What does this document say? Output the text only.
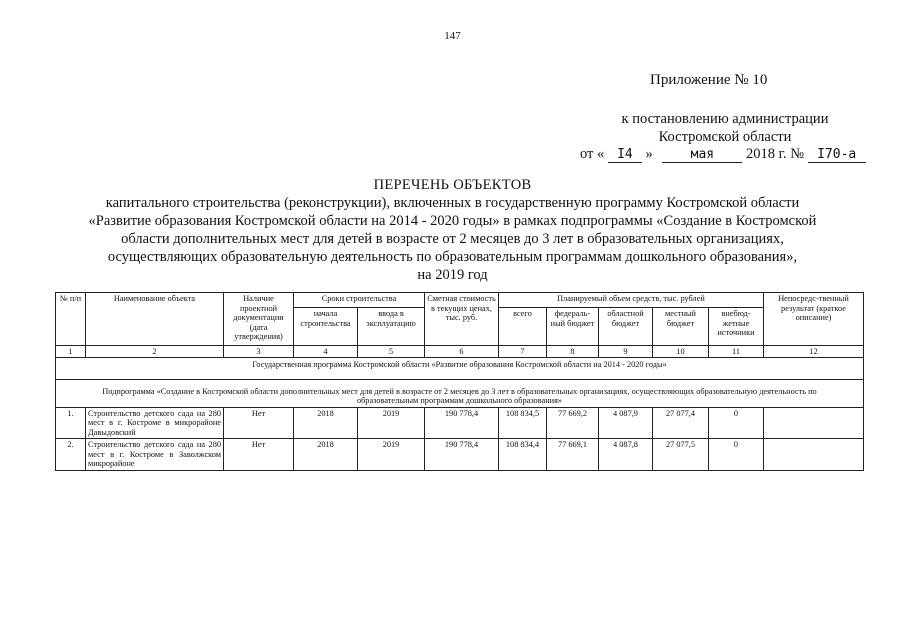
147
Приложение № 10
к постановлению администрации
Костромской области
от « I4 »	мая 2018 г. № I70-а
ПЕРЕЧЕНЬ ОБЪЕКТОВ
капитального строительства (реконструкции), включенных в государственную программу Костромской области
«Развитие образования Костромской области на 2014 - 2020 годы» в рамках подпрограммы «Создание в Костромской
области дополнительных мест для детей в возрасте от 2 месяцев до 3 лет в образовательных организациях,
осуществляющих образовательную деятельность по образовательным программам дошкольного образования»,
на 2019 год
№ п/п	Наименование объекта	Наличие проектной документации (дата утверждения)	Сроки строительства		Сметная стоимость в текущих ценах, тыс. руб.	Планируемый объем средств, тыс. рублей					Непосредс-твенный результат (краткое описание)
			начала строительства	ввода в эксплуатацию		всего	федераль-ный бюджет	областной бюджет	местный бюджет	внебюд-жетные источники	
1	2	3	4	5	6	7	8	9	10	11	12
Государственная программа Костромской области «Развитие образования Костромской области на 2014 - 2020 годы»											
Подпрограмма «Создание в Костромской области дополнительных мест для детей в возрасте от 2 месяцев до 3 лет в образовательных организациях, осуществляющих образовательную деятельность по образовательным программам дошкольного образования»											
1.	Строительство детского сада на 280 мест в г. Костроме в микрорайоне Давыдовский	Нет	2018	2019	190 778,4	108 834,5	77 669,2	4 087,9	27 077,4	0	
2.	Строительство детского сада на 280 мест в г. Костроме в Заволжском микрорайоне	Нет	2018	2019	190 778,4	108 834,4	77 669,1	4 087,8	27 077,5	0	
